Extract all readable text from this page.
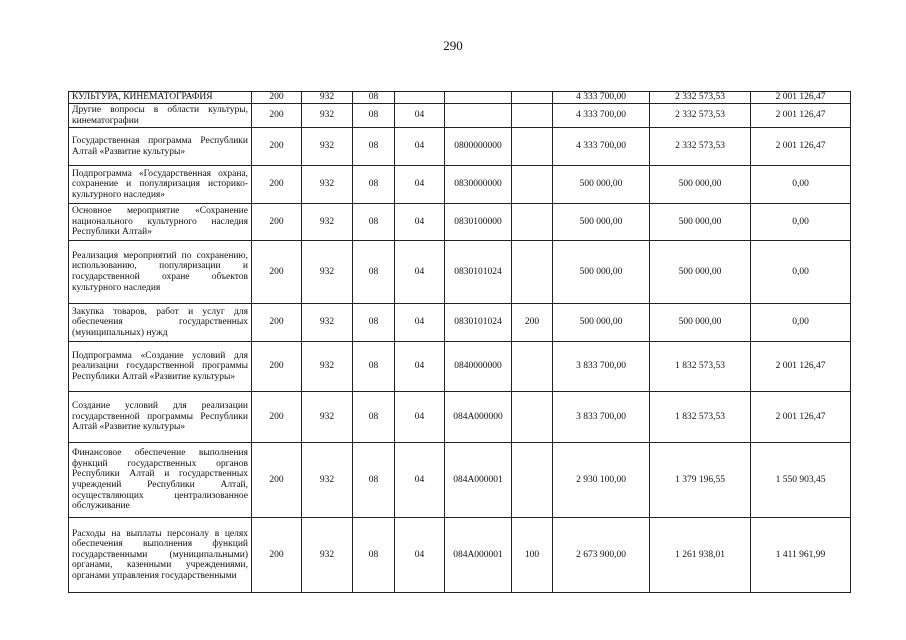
290
КУЛЬТУРА, КИНЕМАТОГРАФИЯ	200	932	08				4 333 700,00	2 332 573,53	2 001 126,47
Другие вопросы в области культуры, кинематографии	200	932	08	04			4 333 700,00	2 332 573,53	2 001 126,47
Государственная программа Республики Алтай «Развитие культуры»	200	932	08	04	0800000000		4 333 700,00	2 332 573,53	2 001 126,47
Подпрограмма «Государственная охрана, сохранение и популяризация историко-культурного наследия»	200	932	08	04	0830000000		500 000,00	500 000,00	0,00
Основное мероприятие «Сохранение национального культурного наследия Республики Алтай»	200	932	08	04	0830100000		500 000,00	500 000,00	0,00
Реализация мероприятий по сохранению, использованию, популяризации и государственной охране объектов культурного наследия	200	932	08	04	0830101024		500 000,00	500 000,00	0,00
Закупка товаров, работ и услуг для обеспечения государственных (муниципальных) нужд	200	932	08	04	0830101024	200	500 000,00	500 000,00	0,00
Подпрограмма «Создание условий для реализации государственной программы Республики Алтай «Развитие культуры»	200	932	08	04	0840000000		3 833 700,00	1 832 573,53	2 001 126,47
Создание условий для реализации государственной программы Республики Алтай «Развитие культуры»	200	932	08	04	084А000000		3 833 700,00	1 832 573,53	2 001 126,47
Финансовое обеспечение выполнения функций государственных органов Республики Алтай и государственных учреждений Республики Алтай, осуществляющих централизованное обслуживание	200	932	08	04	084А000001		2 930 100,00	1 379 196,55	1 550 903,45
Расходы на выплаты персоналу в целях обеспечения выполнения функций государственными (муниципальными) органами, казенными учреждениями, органами управления государственными	200	932	08	04	084А000001	100	2 673 900,00	1 261 938,01	1 411 961,99
